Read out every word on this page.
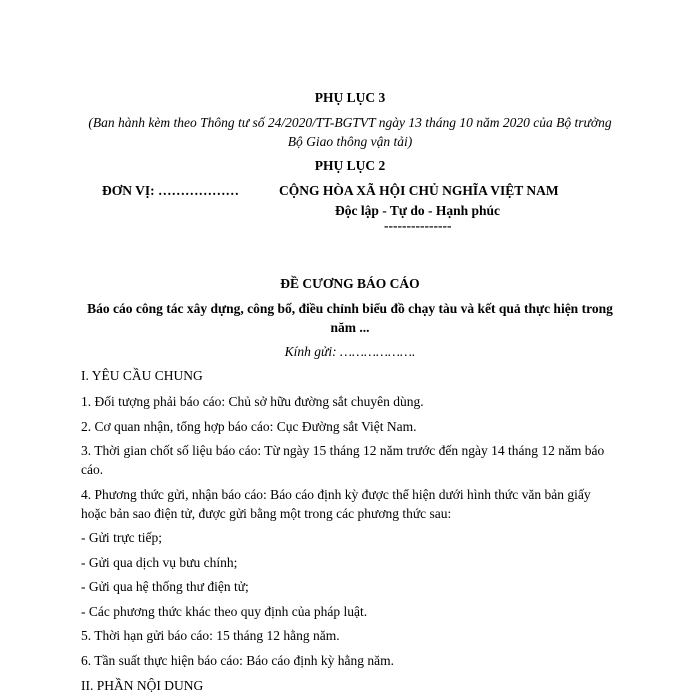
PHỤ LỤC 3
(Ban hành kèm theo Thông tư số 24/2020/TT-BGTVT ngày 13 tháng 10 năm 2020 của Bộ trưởng
Bộ Giao thông vận tải)
PHỤ LỤC 2
ĐƠN VỊ: ………………	CỘNG HÒA XÃ HỘI CHỦ NGHĨA VIỆT NAM
Độc lập - Tự do - Hạnh phúc
---------------
ĐỀ CƯƠNG BÁO CÁO
Báo cáo công tác xây dựng, công bố, điều chỉnh biểu đồ chạy tàu và kết quả thực hiện trong
năm ...
Kính gửi: ……………….
I. YÊU CẦU CHUNG
1. Đối tượng phải báo cáo: Chủ sở hữu đường sắt chuyên dùng.
2. Cơ quan nhận, tổng hợp báo cáo: Cục Đường sắt Việt Nam.
3. Thời gian chốt số liệu báo cáo: Từ ngày 15 tháng 12 năm trước đến ngày 14 tháng 12 năm báo
cáo.
4. Phương thức gửi, nhận báo cáo: Báo cáo định kỳ được thể hiện dưới hình thức văn bản giấy
hoặc bản sao điện tử, được gửi bằng một trong các phương thức sau:
- Gửi trực tiếp;
- Gửi qua dịch vụ bưu chính;
- Gửi qua hệ thống thư điện tử;
- Các phương thức khác theo quy định của pháp luật.
5. Thời hạn gửi báo cáo: 15 tháng 12 hằng năm.
6. Tần suất thực hiện báo cáo: Báo cáo định kỳ hằng năm.
II. PHẦN NỘI DUNG
